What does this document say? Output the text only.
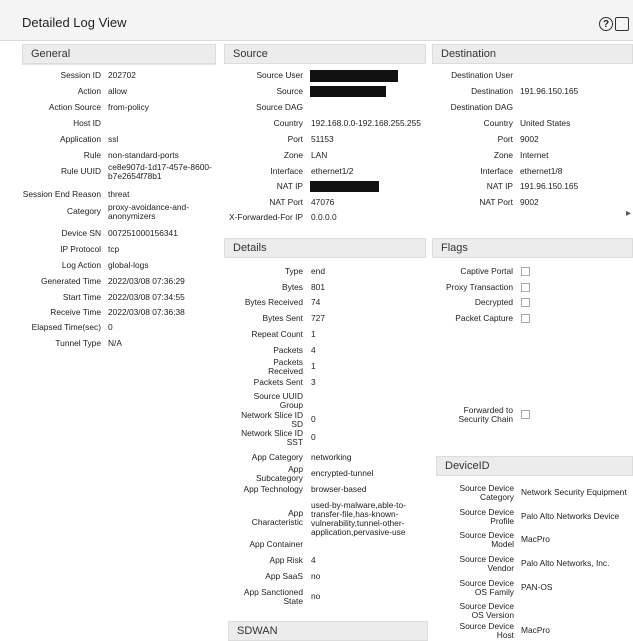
Detailed Log View	?
General	Source	Destination
▸
Details	Flags
DeviceID
SDWAN
Session ID 202702
Action allow
Action Source from-policy
Host ID
Application ssl
Rule non-standard-ports
Rule UUID ce8e907d-1d17-457e-8600-b7e2654f78b1
Session End Reason threat
Category proxy-avoidance-and-anonymizers
Device SN 007251000156341
IP Protocol tcp
Log Action global-logs
Generated Time 2022/03/08 07:36:29
Start Time 2022/03/08 07:34:55
Receive Time 2022/03/08 07:36:38
Elapsed Time(sec) 0
Tunnel Type N/A
Source User
Source
Source DAG
Country 192.168.0.0-192.168.255.255
Port 51153
Zone LAN
Interface ethernet1/2
NAT IP
NAT Port 47076
X-Forwarded-For IP 0.0.0.0
Destination User
Destination 191.96.150.165
Destination DAG
Country United States
Port 9002
Zone Internet
Interface ethernet1/8
NAT IP 191.96.150.165
NAT Port 9002
Type end
Bytes 801
Bytes Received 74
Bytes Sent 727
Repeat Count 1
Packets 4
Packets Received 1
Packets Sent 3
Source UUID Group
Network Slice ID SD 0
Network Slice ID SST 0
App Category networking
App Subcategory encrypted-tunnel
App Technology browser-based
App Characteristic
used-by-malware,able-to-transfer-file,has-known-vulnerability,tunnel-other-application,pervasive-use
App Container
App Risk 4
App SaaS no
App Sanctioned State no
Source Device Category Network Security Equipment
Source Device Profile Palo Alto Networks Device
Source Device Model MacPro
Source Device Vendor Palo Alto Networks, Inc.
Source Device OS Family PAN-OS
Source Device OS Version
Source Device Host MacPro
Captive Portal
Proxy Transaction
Decrypted
Packet Capture
Forwarded to Security Chain
